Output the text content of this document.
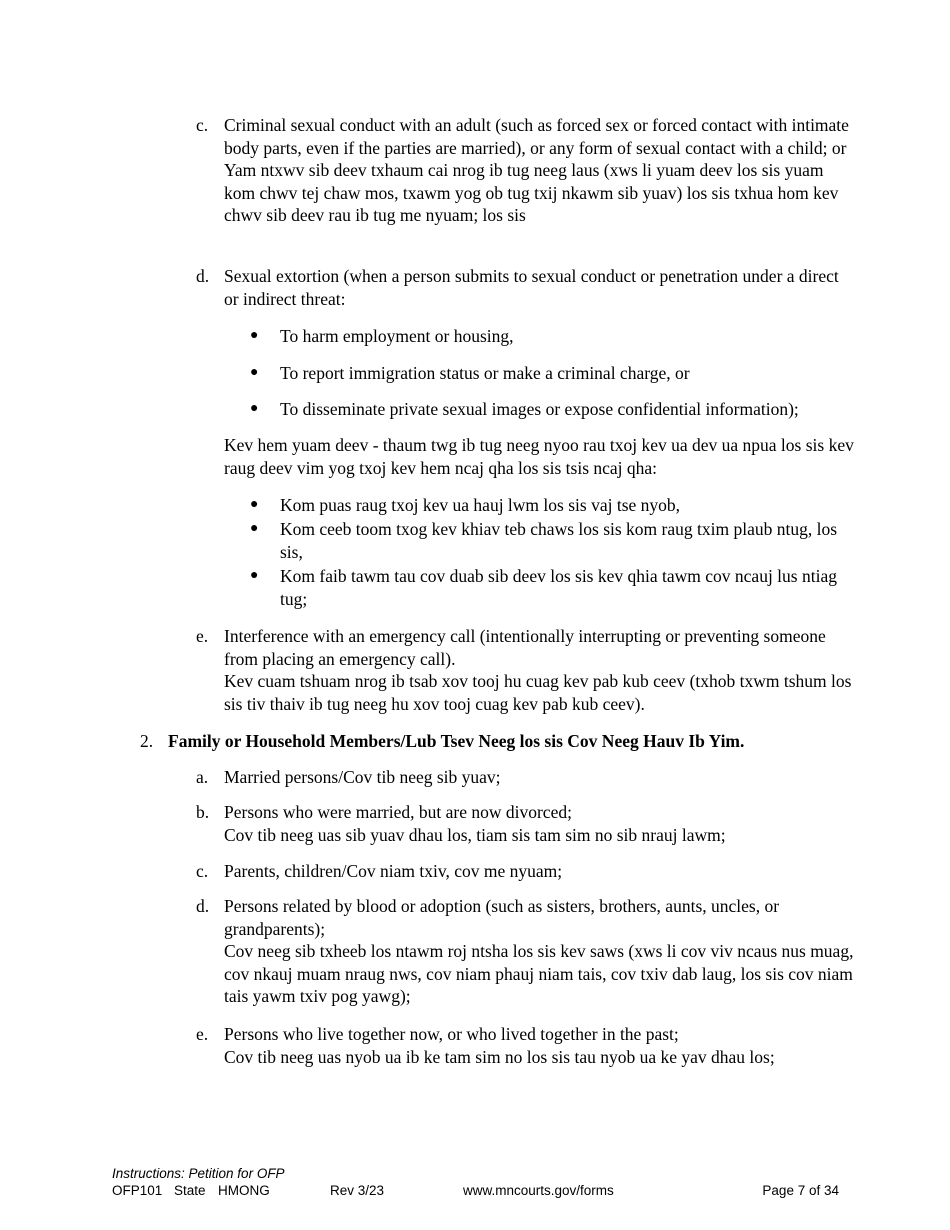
c. Criminal sexual conduct with an adult (such as forced sex or forced contact with intimate body parts, even if the parties are married), or any form of sexual contact with a child; or

Yam ntxwv sib deev txhaum cai nrog ib tug neeg laus (xws li yuam deev los sis yuam kom chwv tej chaw mos, txawm yog ob tug txij nkawm sib yuav) los sis txhua hom kev chwv sib deev rau ib tug me nyuam; los sis

d. Sexual extortion (when a person submits to sexual conduct or penetration under a direct or indirect threat:

● To harm employment or housing,
● To report immigration status or make a criminal charge, or
● To disseminate private sexual images or expose confidential information);
Kev hem yuam deev - thaum twg ib tug neeg nyoo rau txoj kev ua dev ua npua los sis kev raug deev vim yog txoj kev hem ncaj qha los sis tsis ncaj qha:
● Kom puas raug txoj kev ua hauj lwm los sis vaj tse nyob,
● Kom ceeb toom txog kev khiav teb chaws los sis kom raug txim plaub ntug, los sis,
● Kom faib tawm tau cov duab sib deev los sis kev qhia tawm cov ncauj lus ntiag tug;
e. Interference with an emergency call (intentionally interrupting or preventing someone from placing an emergency call).

Kev cuam tshuam nrog ib tsab xov tooj hu cuag kev pab kub ceev (txhob txwm tshum los sis tiv thaiv ib tug neeg hu xov tooj cuag kev pab kub ceev).

2. Family or Household Members/Lub Tsev Neeg los sis Cov Neeg Hauv Ib Yim.
a. Married persons/Cov tib neeg sib yuav;

b. Persons who were married, but are now divorced;

Cov tib neeg uas sib yuav dhau los, tiam sis tam sim no sib nrauj lawm;

c. Parents, children/Cov niam txiv, cov me nyuam;

d. Persons related by blood or adoption (such as sisters, brothers, aunts, uncles, or grandparents);

Cov neeg sib txheeb los ntawm roj ntsha los sis kev saws (xws li cov viv ncaus nus muag, cov nkauj muam nraug nws, cov niam phauj niam tais, cov txiv dab laug, los sis cov niam tais yawm txiv pog yawg);

e. Persons who live together now, or who lived together in the past;

Cov tib neeg uas nyob ua ib ke tam sim no los sis tau nyob ua ke yav dhau los;

Instructions: Petition for OFP
OFP101 State HMONG	Rev 3/23	www.mncourts.gov/forms	Page 7 of 34
